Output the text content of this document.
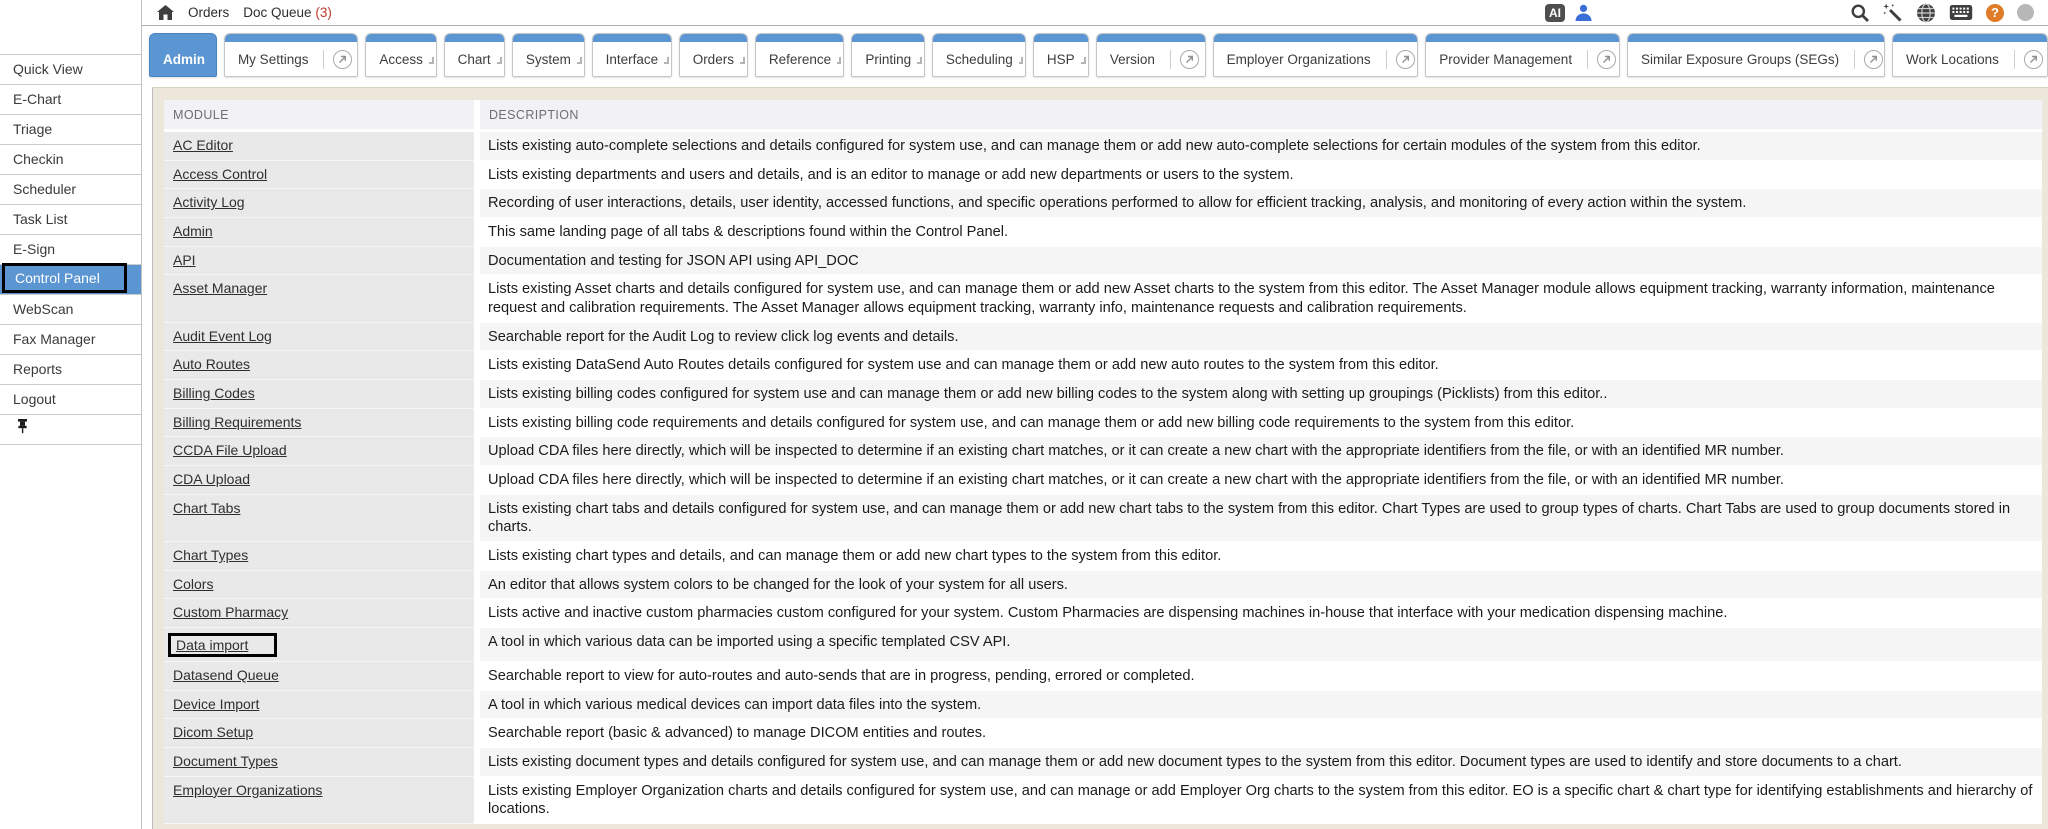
Quick View
E-Chart
Triage
Checkin
Scheduler
Task List
E-Sign
Control Panel
WebScan
Fax Manager
Reports
Logout
Orders Doc Queue (3)	AI	?
Admin	My Settings	Access	Chart	System	Interface	Orders	Reference	Printing	Scheduling	HSP	Version	Employer Organizations	Provider Management	Similar Exposure Groups (SEGs)	Work Locations
MODULE	DESCRIPTION
AC Editor	Lists existing auto-complete selections and details configured for system use, and can manage them or add new auto-complete selections for certain modules of the system from this editor.
Access Control	Lists existing departments and users and details, and is an editor to manage or add new departments or users to the system.
Activity Log	Recording of user interactions, details, user identity, accessed functions, and specific operations performed to allow for efficient tracking, analysis, and monitoring of every action within the system.
Admin	This same landing page of all tabs & descriptions found within the Control Panel.
API	Documentation and testing for JSON API using API_DOC
Asset Manager	Lists existing Asset charts and details configured for system use, and can manage them or add new Asset charts to the system from this editor. The Asset Manager module allows equipment tracking, warranty information, maintenance request and calibration requirements. The Asset Manager allows equipment tracking, warranty info, maintenance requests and calibration requirements.
Audit Event Log	Searchable report for the Audit Log to review click log events and details.
Auto Routes	Lists existing DataSend Auto Routes details configured for system use and can manage them or add new auto routes to the system from this editor.
Billing Codes	Lists existing billing codes configured for system use and can manage them or add new billing codes to the system along with setting up groupings (Picklists) from this editor..
Billing Requirements	Lists existing billing code requirements and details configured for system use, and can manage them or add new billing code requirements to the system from this editor.
CCDA File Upload	Upload CDA files here directly, which will be inspected to determine if an existing chart matches, or it can create a new chart with the appropriate identifiers from the file, or with an identified MR number.
CDA Upload	Upload CDA files here directly, which will be inspected to determine if an existing chart matches, or it can create a new chart with the appropriate identifiers from the file, or with an identified MR number.
Chart Tabs	Lists existing chart tabs and details configured for system use, and can manage them or add new chart tabs to the system from this editor. Chart Types are used to group types of charts. Chart Tabs are used to group documents stored in charts.
Chart Types	Lists existing chart types and details, and can manage them or add new chart types to the system from this editor.
Colors	An editor that allows system colors to be changed for the look of your system for all users.
Custom Pharmacy	Lists active and inactive custom pharmacies custom configured for your system. Custom Pharmacies are dispensing machines in-house that interface with your medication dispensing machine.
Data import	A tool in which various data can be imported using a specific templated CSV API.
Datasend Queue	Searchable report to view for auto-routes and auto-sends that are in progress, pending, errored or completed.
Device Import	A tool in which various medical devices can import data files into the system.
Dicom Setup	Searchable report (basic & advanced) to manage DICOM entities and routes.
Document Types	Lists existing document types and details configured for system use, and can manage them or add new document types to the system from this editor. Document types are used to identify and store documents to a chart.
Employer Organizations	Lists existing Employer Organization charts and details configured for system use, and can manage or add Employer Org charts to the system from this editor. EO is a specific chart & chart type for identifying establishments and hierarchy of locations.
